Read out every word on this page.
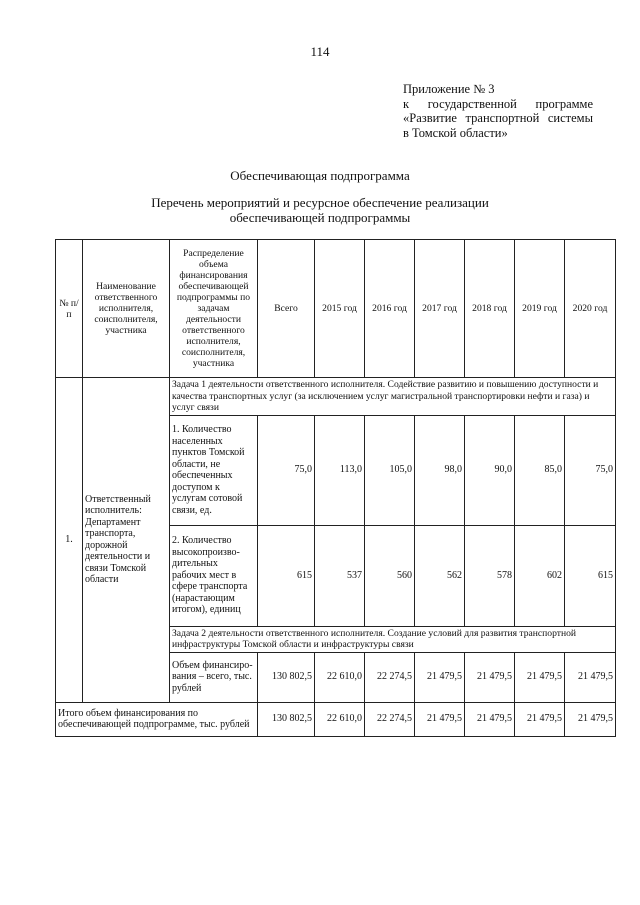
114
Приложение № 3
к государственной программе
«Развитие транспортной системы
в Томской области»
Обеспечивающая подпрограмма
Перечень мероприятий и ресурсное обеспечение реализации
обеспечивающей подпрограммы
№ п/п	Наименование ответственного исполнителя, соисполнителя, участника	Распределение объема финансирования обеспечивающей подпрограммы по задачам деятельности ответственного исполнителя, соисполнителя, участника	Всего	2015 год	2016 год	2017 год	2018 год	2019 год	2020 год
1.	Ответственный исполнитель: Департамент транспорта, дорожной деятельности и связи Томской области	Задача 1 деятельности ответственного исполнителя. Содействие развитию и повышению доступности и качества транспортных услуг (за исключением услуг магистральной транспортировки нефти и газа) и услуг связи							
		1. Количество населенных пунктов Томской области, не обеспеченных доступом к услугам сотовой связи, ед.	75,0	113,0	105,0	98,0	90,0	85,0	75,0
		2. Количество высокопроизво-дительных рабочих мест в сфере транспорта (нарастающим итогом), единиц	615	537	560	562	578	602	615
		Задача 2 деятельности ответственного исполнителя. Создание условий для развития транспортной инфраструктуры Томской области и инфраструктуры связи							
		Объем финансиро-вания – всего, тыс. рублей	130 802,5	22 610,0	22 274,5	21 479,5	21 479,5	21 479,5	21 479,5

Итого объем финансирования по обеспечивающей подпрограмме, тыс. рублей			130 802,5	22 610,0	22 274,5	21 479,5	21 479,5	21 479,5	21 479,5
